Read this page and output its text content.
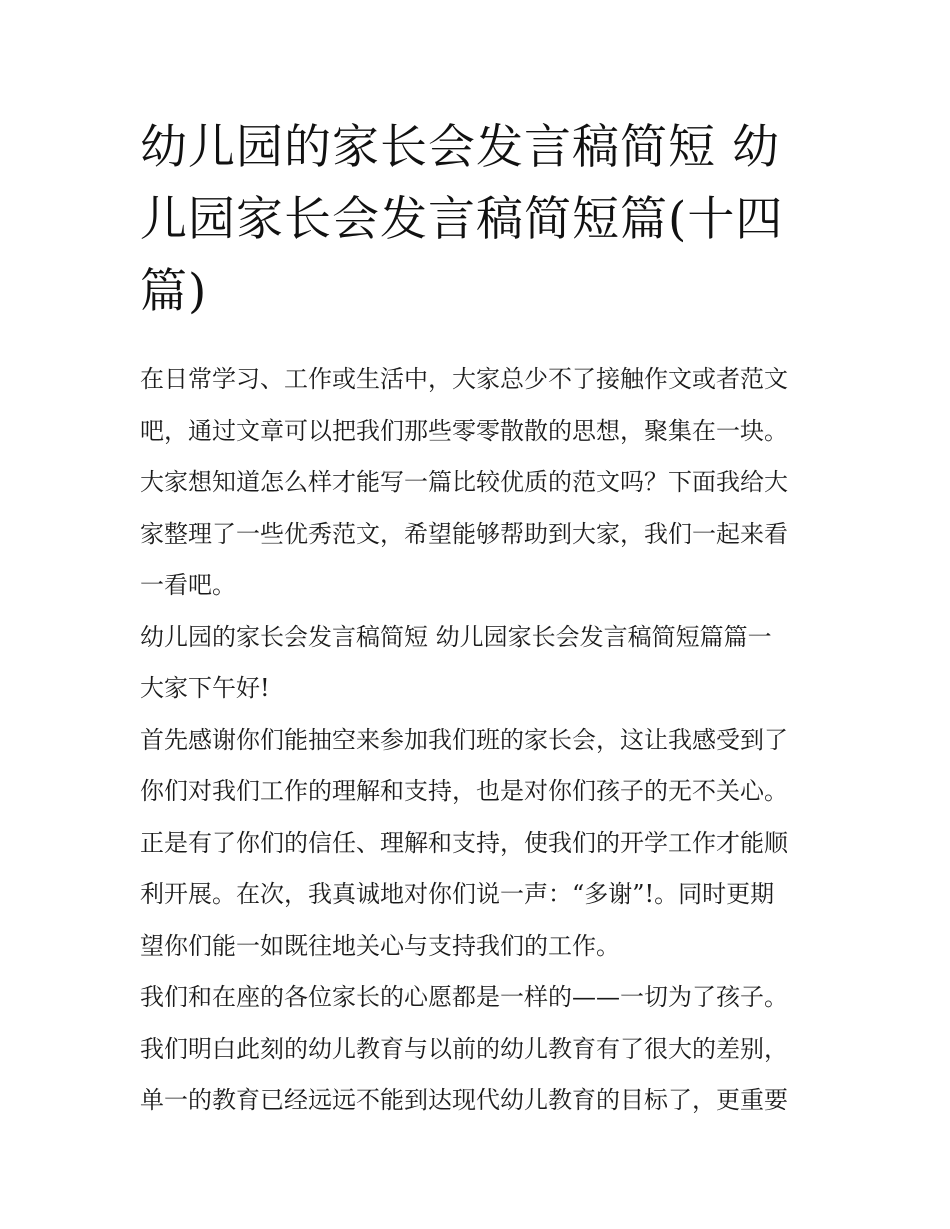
幼儿园的家长会发言稿简短 幼儿园家长会发言稿简短篇(十四篇)

在日常学习、工作或生活中，大家总少不了接触作文或者范文

吧，通过文章可以把我们那些零零散散的思想，聚集在一块。

大家想知道怎么样才能写一篇比较优质的范文吗？下面我给大

家整理了一些优秀范文，希望能够帮助到大家，我们一起来看

一看吧。

幼儿园的家长会发言稿简短 幼儿园家长会发言稿简短篇篇一

大家下午好!

首先感谢你们能抽空来参加我们班的家长会，这让我感受到了

你们对我们工作的理解和支持，也是对你们孩子的无不关心。

正是有了你们的信任、理解和支持，使我们的开学工作才能顺

利开展。在次，我真诚地对你们说一声：“多谢”!。同时更期

望你们能一如既往地关心与支持我们的工作。

我们和在座的各位家长的心愿都是一样的——一切为了孩子。

我们明白此刻的幼儿教育与以前的幼儿教育有了很大的差别，

单一的教育已经远远不能到达现代幼儿教育的目标了，更重要
